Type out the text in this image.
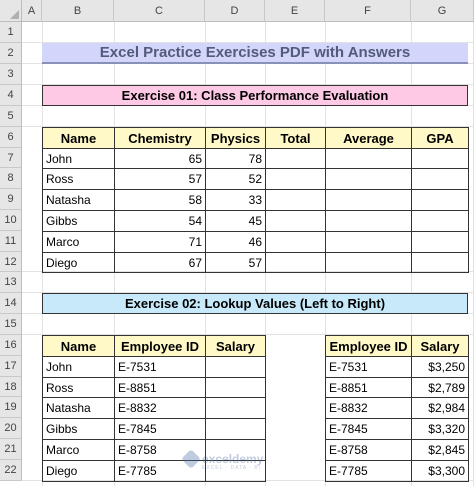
A	B	C	D	E	F	G
1
2
3
4
5
6
7
8
9
10
11
12
13
14
15
16
17
18
19
20
21
22
Excel Practice Exercises PDF with Answers
Exercise 01: Class Performance Evaluation
Name	Chemistry	Physics	Total	Average	GPA
John	65	78			
Ross	57	52			
Natasha	58	33			
Gibbs	54	45			
Marco	71	46			
Diego	67	57			
Exercise 02: Lookup Values (Left to Right)
Name	Employee ID	Salary
John	E-7531	
Ross	E-8851	
Natasha	E-8832	
Gibbs	E-7845	
Marco	E-8758	
Diego	E-7785	
Employee ID	Salary
E-7531	$3,250
E-8851	$2,789
E-8832	$2,984
E-7845	$3,320
E-8758	$2,845
E-7785	$3,300
exceldemy
EXCEL · DATA · BI
